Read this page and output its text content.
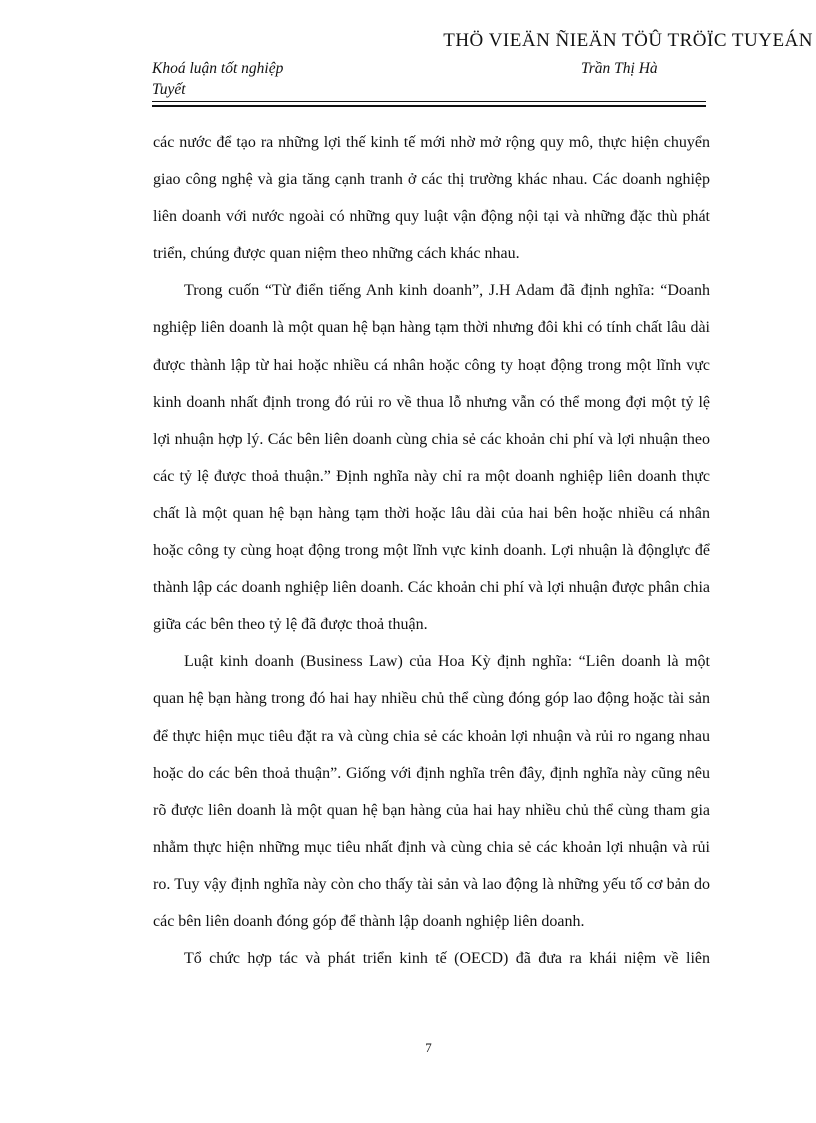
THÖ VIEÄN ÑIEÄN TÖÛ TRÖÏC TUYEÁN
Khoá luận tốt nghiệp	Trần Thị Hà
Tuyết

các nước để tạo ra những lợi thế kinh tế mới nhờ mở rộng quy mô, thực hiện chuyển giao công nghệ và gia tăng cạnh tranh ở các thị trường khác nhau. Các doanh nghiệp liên doanh với nước ngoài có những quy luật vận động nội tại và những đặc thù phát triển, chúng được quan niệm theo những cách khác nhau.

Trong cuốn “Từ điển tiếng Anh kinh doanh”, J.H Adam đã định nghĩa: “Doanh nghiệp liên doanh là một quan hệ bạn hàng tạm thời nhưng đôi khi có tính chất lâu dài được thành lập từ hai hoặc nhiều cá nhân hoặc công ty hoạt động trong một lĩnh vực kinh doanh nhất định trong đó rủi ro về thua lỗ nhưng vẫn có thể mong đợi một tỷ lệ lợi nhuận hợp lý. Các bên liên doanh cùng chia sẻ các khoản chi phí và lợi nhuận theo các tỷ lệ được thoả thuận.” Định nghĩa này chỉ ra một doanh nghiệp liên doanh thực chất là một quan hệ bạn hàng tạm thời hoặc lâu dài của hai bên hoặc nhiều cá nhân hoặc công ty cùng hoạt động trong một lĩnh vực kinh doanh. Lợi nhuận là độnglực để thành lập các doanh nghiệp liên doanh. Các khoản chi phí và lợi nhuận được phân chia giữa các bên theo tỷ lệ đã được thoả thuận.

Luật kinh doanh (Business Law) của Hoa Kỳ định nghĩa: “Liên doanh là một quan hệ bạn hàng trong đó hai hay nhiều chủ thể cùng đóng góp lao động hoặc tài sản để thực hiện mục tiêu đặt ra và cùng chia sẻ các khoản lợi nhuận và rủi ro ngang nhau hoặc do các bên thoả thuận”. Giống với định nghĩa trên đây, định nghĩa này cũng nêu rõ được liên doanh là một quan hệ bạn hàng của hai hay nhiều chủ thể cùng tham gia nhằm thực hiện những mục tiêu nhất định và cùng chia sẻ các khoản lợi nhuận và rủi ro. Tuy vậy định nghĩa này còn cho thấy tài sản và lao động là những yếu tố cơ bản do các bên liên doanh đóng góp để thành lập doanh nghiệp liên doanh.

Tổ chức hợp tác và phát triển kinh tế (OECD) đã đưa ra khái niệm về liên

7
